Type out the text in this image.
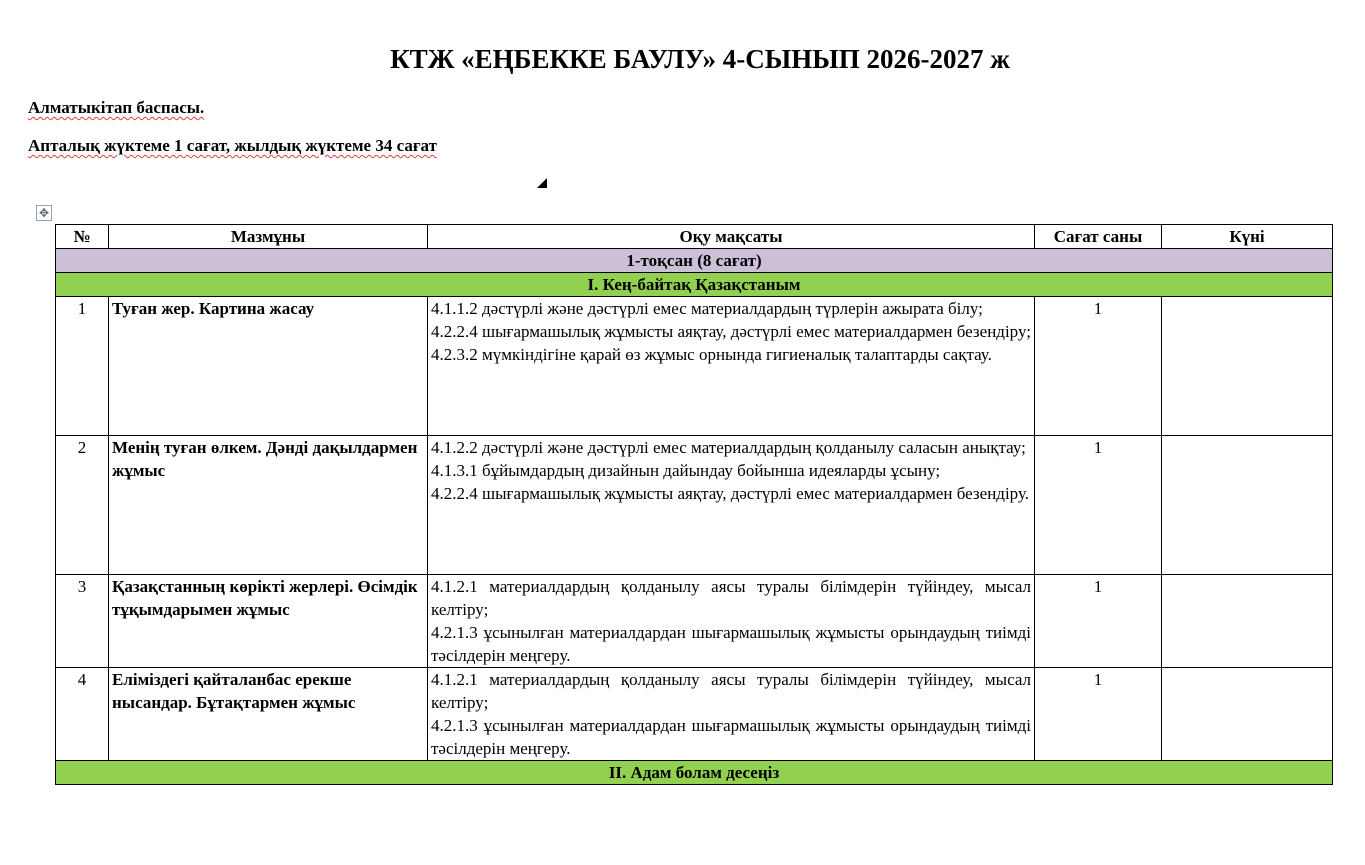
КТЖ «ЕҢБЕККЕ БАУЛУ» 4-СЫНЫП 2026-2027 ж
Алматыкітап баспасы.
Апталық жүктеме 1 сағат, жылдық жүктеме 34 сағат
✥
№	Мазмұны	Оқу мақсаты	Сағат саны	Күні
1-тоқсан (8 сағат)				
I. Кең-байтақ Қазақстаным				
1	Туған жер. Картина жасау	4.1.1.2 дәстүрлі және дәстүрлі емес материалдардың түрлерін ажырата білу;
4.2.2.4 шығармашылық жұмысты аяқтау, дәстүрлі емес материалдармен безендіру;
4.2.3.2 мүмкіндігіне қарай өз жұмыс орнында гигиеналық талаптарды сақтау.	1	
2	Менің туған өлкем. Дәнді дақылдармен жұмыс	4.1.2.2 дәстүрлі және дәстүрлі емес материалдардың қолданылу саласын анықтау;
4.1.3.1 бұйымдардың дизайнын дайындау бойынша идеяларды ұсыну;
4.2.2.4 шығармашылық жұмысты аяқтау, дәстүрлі емес материалдармен безендіру.	1	
3	Қазақстанның көрікті жерлері. Өсімдік тұқымдарымен жұмыс	4.1.2.1 материалдардың қолданылу аясы туралы білімдерін түйіндеу, мысал келтіру;
4.2.1.3 ұсынылған материалдардан шығармашылық жұмысты орындаудың тиімді тәсілдерін меңгеру.	1	
4	Еліміздегі қайталанбас ерекше нысандар. Бұтақтармен жұмыс	4.1.2.1 материалдардың қолданылу аясы туралы білімдерін түйіндеу, мысал келтіру;
4.2.1.3 ұсынылған материалдардан шығармашылық жұмысты орындаудың тиімді тәсілдерін меңгеру.	1	
II. Адам болам десеңіз				
